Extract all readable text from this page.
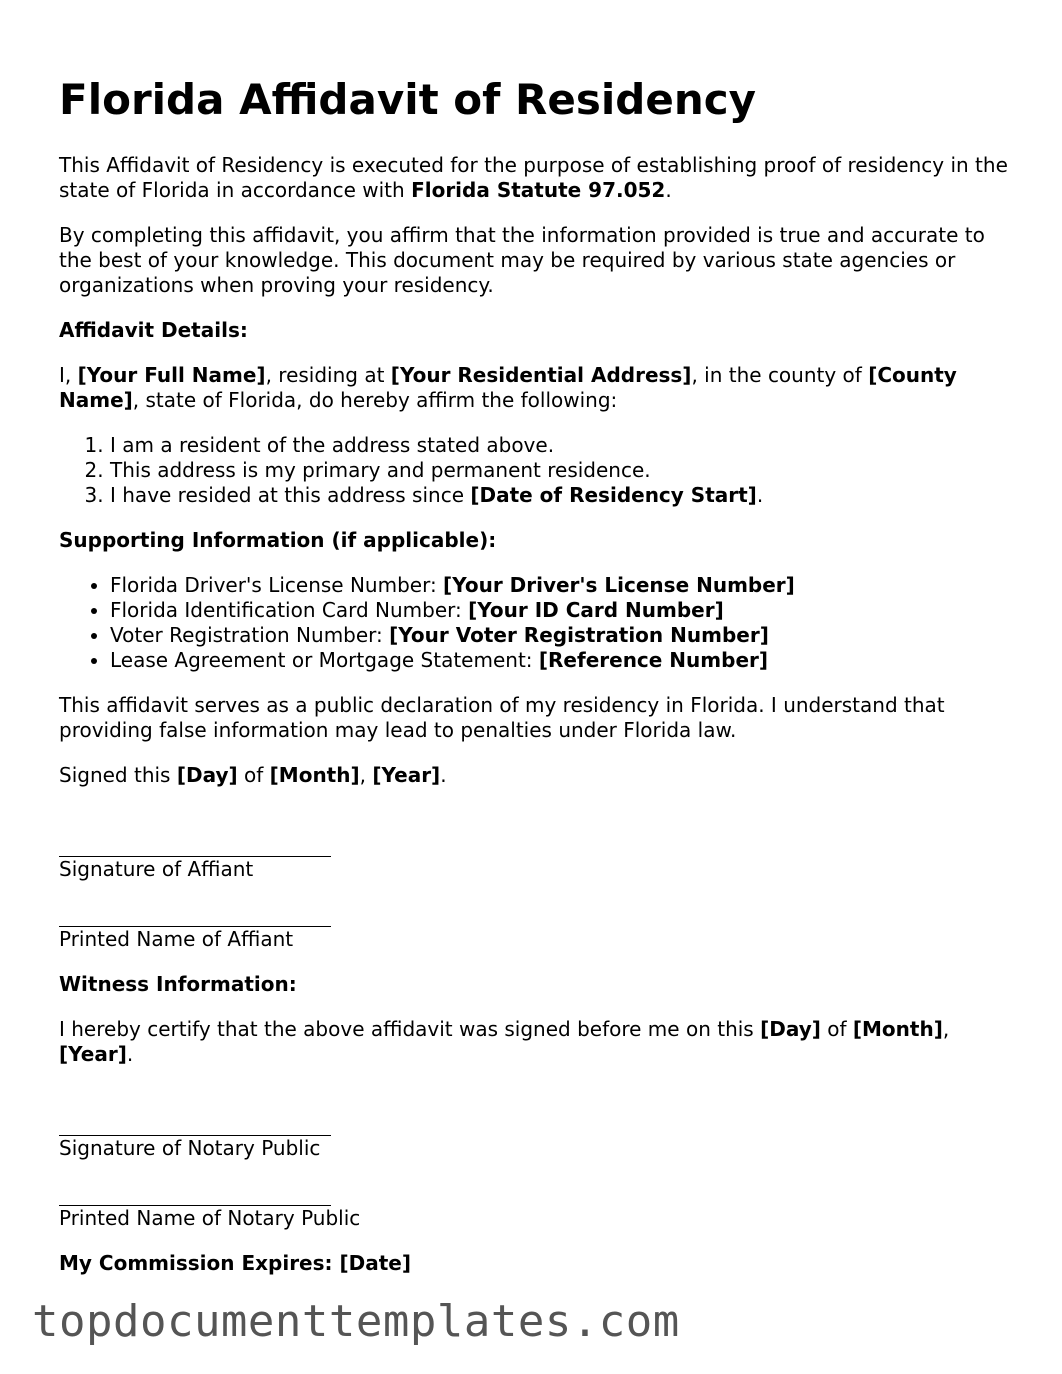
Florida Affidavit of Residency

This Affidavit of Residency is executed for the purpose of establishing proof of residency in the state of Florida in accordance with Florida Statute 97.052.

By completing this affidavit, you affirm that the information provided is true and accurate to the best of your knowledge. This document may be required by various state agencies or organizations when proving your residency.

Affidavit Details:

I, [Your Full Name], residing at [Your Residential Address], in the county of [County Name], state of Florida, do hereby affirm the following:

1. I am a resident of the address stated above.
2. This address is my primary and permanent residence.
3. I have resided at this address since [Date of Residency Start].
Supporting Information (if applicable):
• Florida Driver's License Number: [Your Driver's License Number]
• Florida Identification Card Number: [Your ID Card Number]
• Voter Registration Number: [Your Voter Registration Number]
• Lease Agreement or Mortgage Statement: [Reference Number]

This affidavit serves as a public declaration of my residency in Florida. I understand that providing false information may lead to penalties under Florida law.

Signed this [Day] of [Month], [Year].

Signature of Affiant
Printed Name of Affiant
Witness Information:

I hereby certify that the above affidavit was signed before me on this [Day] of [Month], [Year].

Signature of Notary Public
Printed Name of Notary Public
My Commission Expires: [Date]
topdocumenttemplates.com
